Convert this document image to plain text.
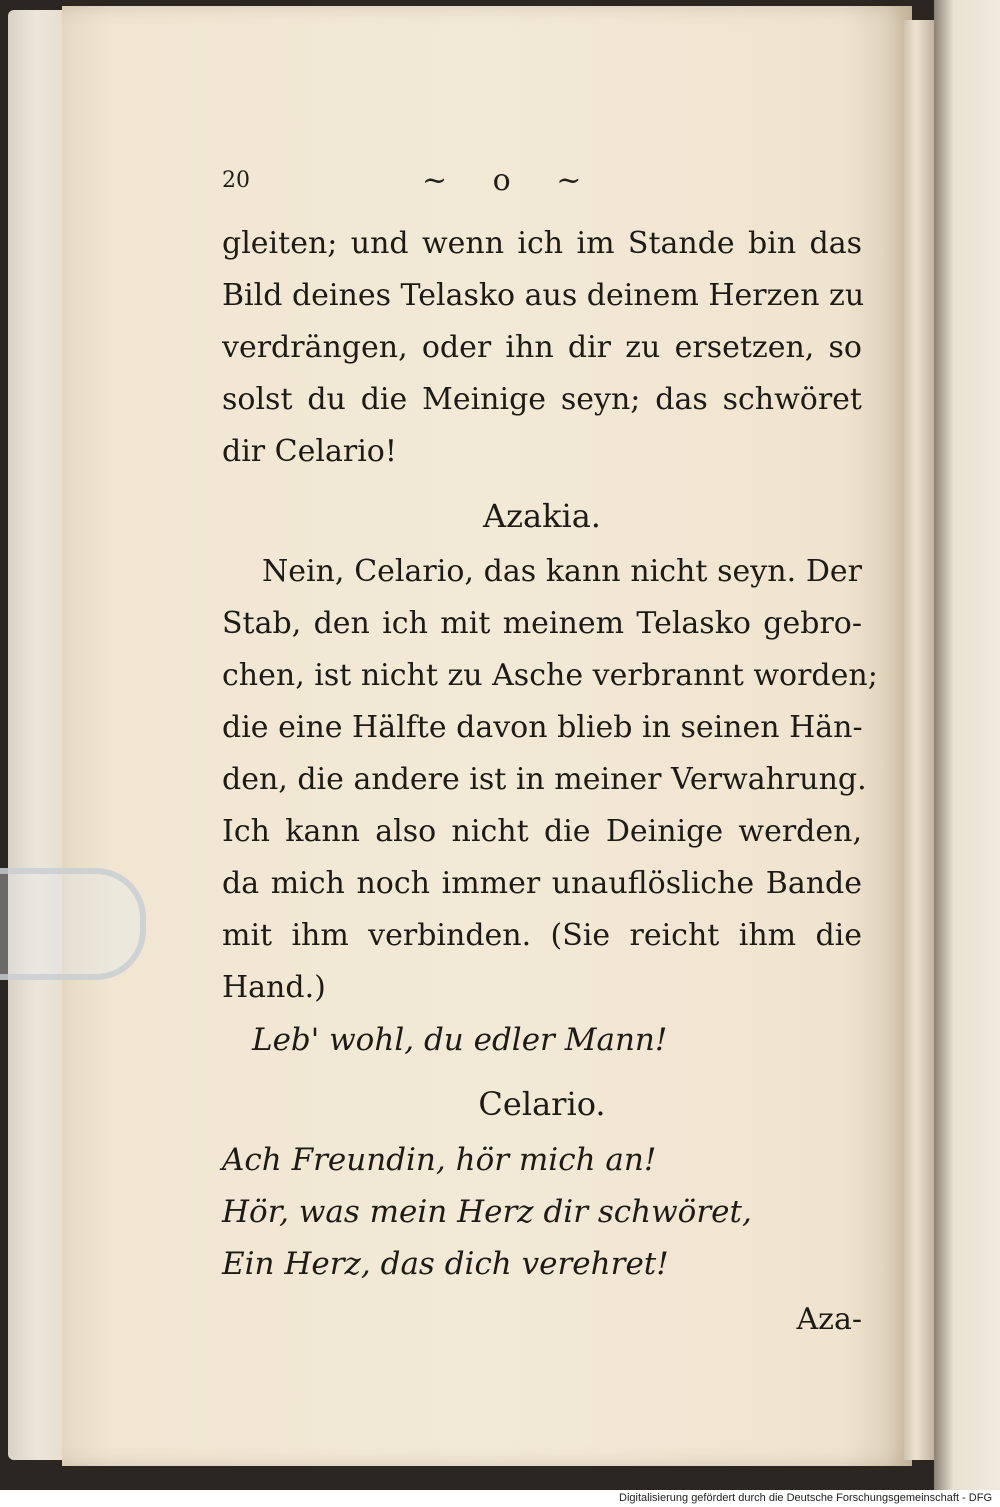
20	~ o ~
gleiten; und wenn ich im Stande bin das
Bild deines Telasko aus deinem Herzen zu
verdrängen, oder ihn dir zu ersetzen, so
solst du die Meinige seyn; das schwöret
dir Celario!
Azakia.
Nein, Celario, das kann nicht seyn. Der
Stab, den ich mit meinem Telasko gebro-
chen, ist nicht zu Asche verbrannt worden;
die eine Hälfte davon blieb in seinen Hän-
den, die andere ist in meiner Verwahrung.
Ich kann also nicht die Deinige werden,
da mich noch immer unauflösliche Bande
mit ihm verbinden. (Sie reicht ihm die
Hand.)
Leb' wohl, du edler Mann!
Celario.
Ach Freundin, hör mich an!
Hör, was mein Herz dir schwöret,
Ein Herz, das dich verehret!
Aza-
Digitalisierung gefördert durch die Deutsche Forschungsgemeinschaft - DFG
